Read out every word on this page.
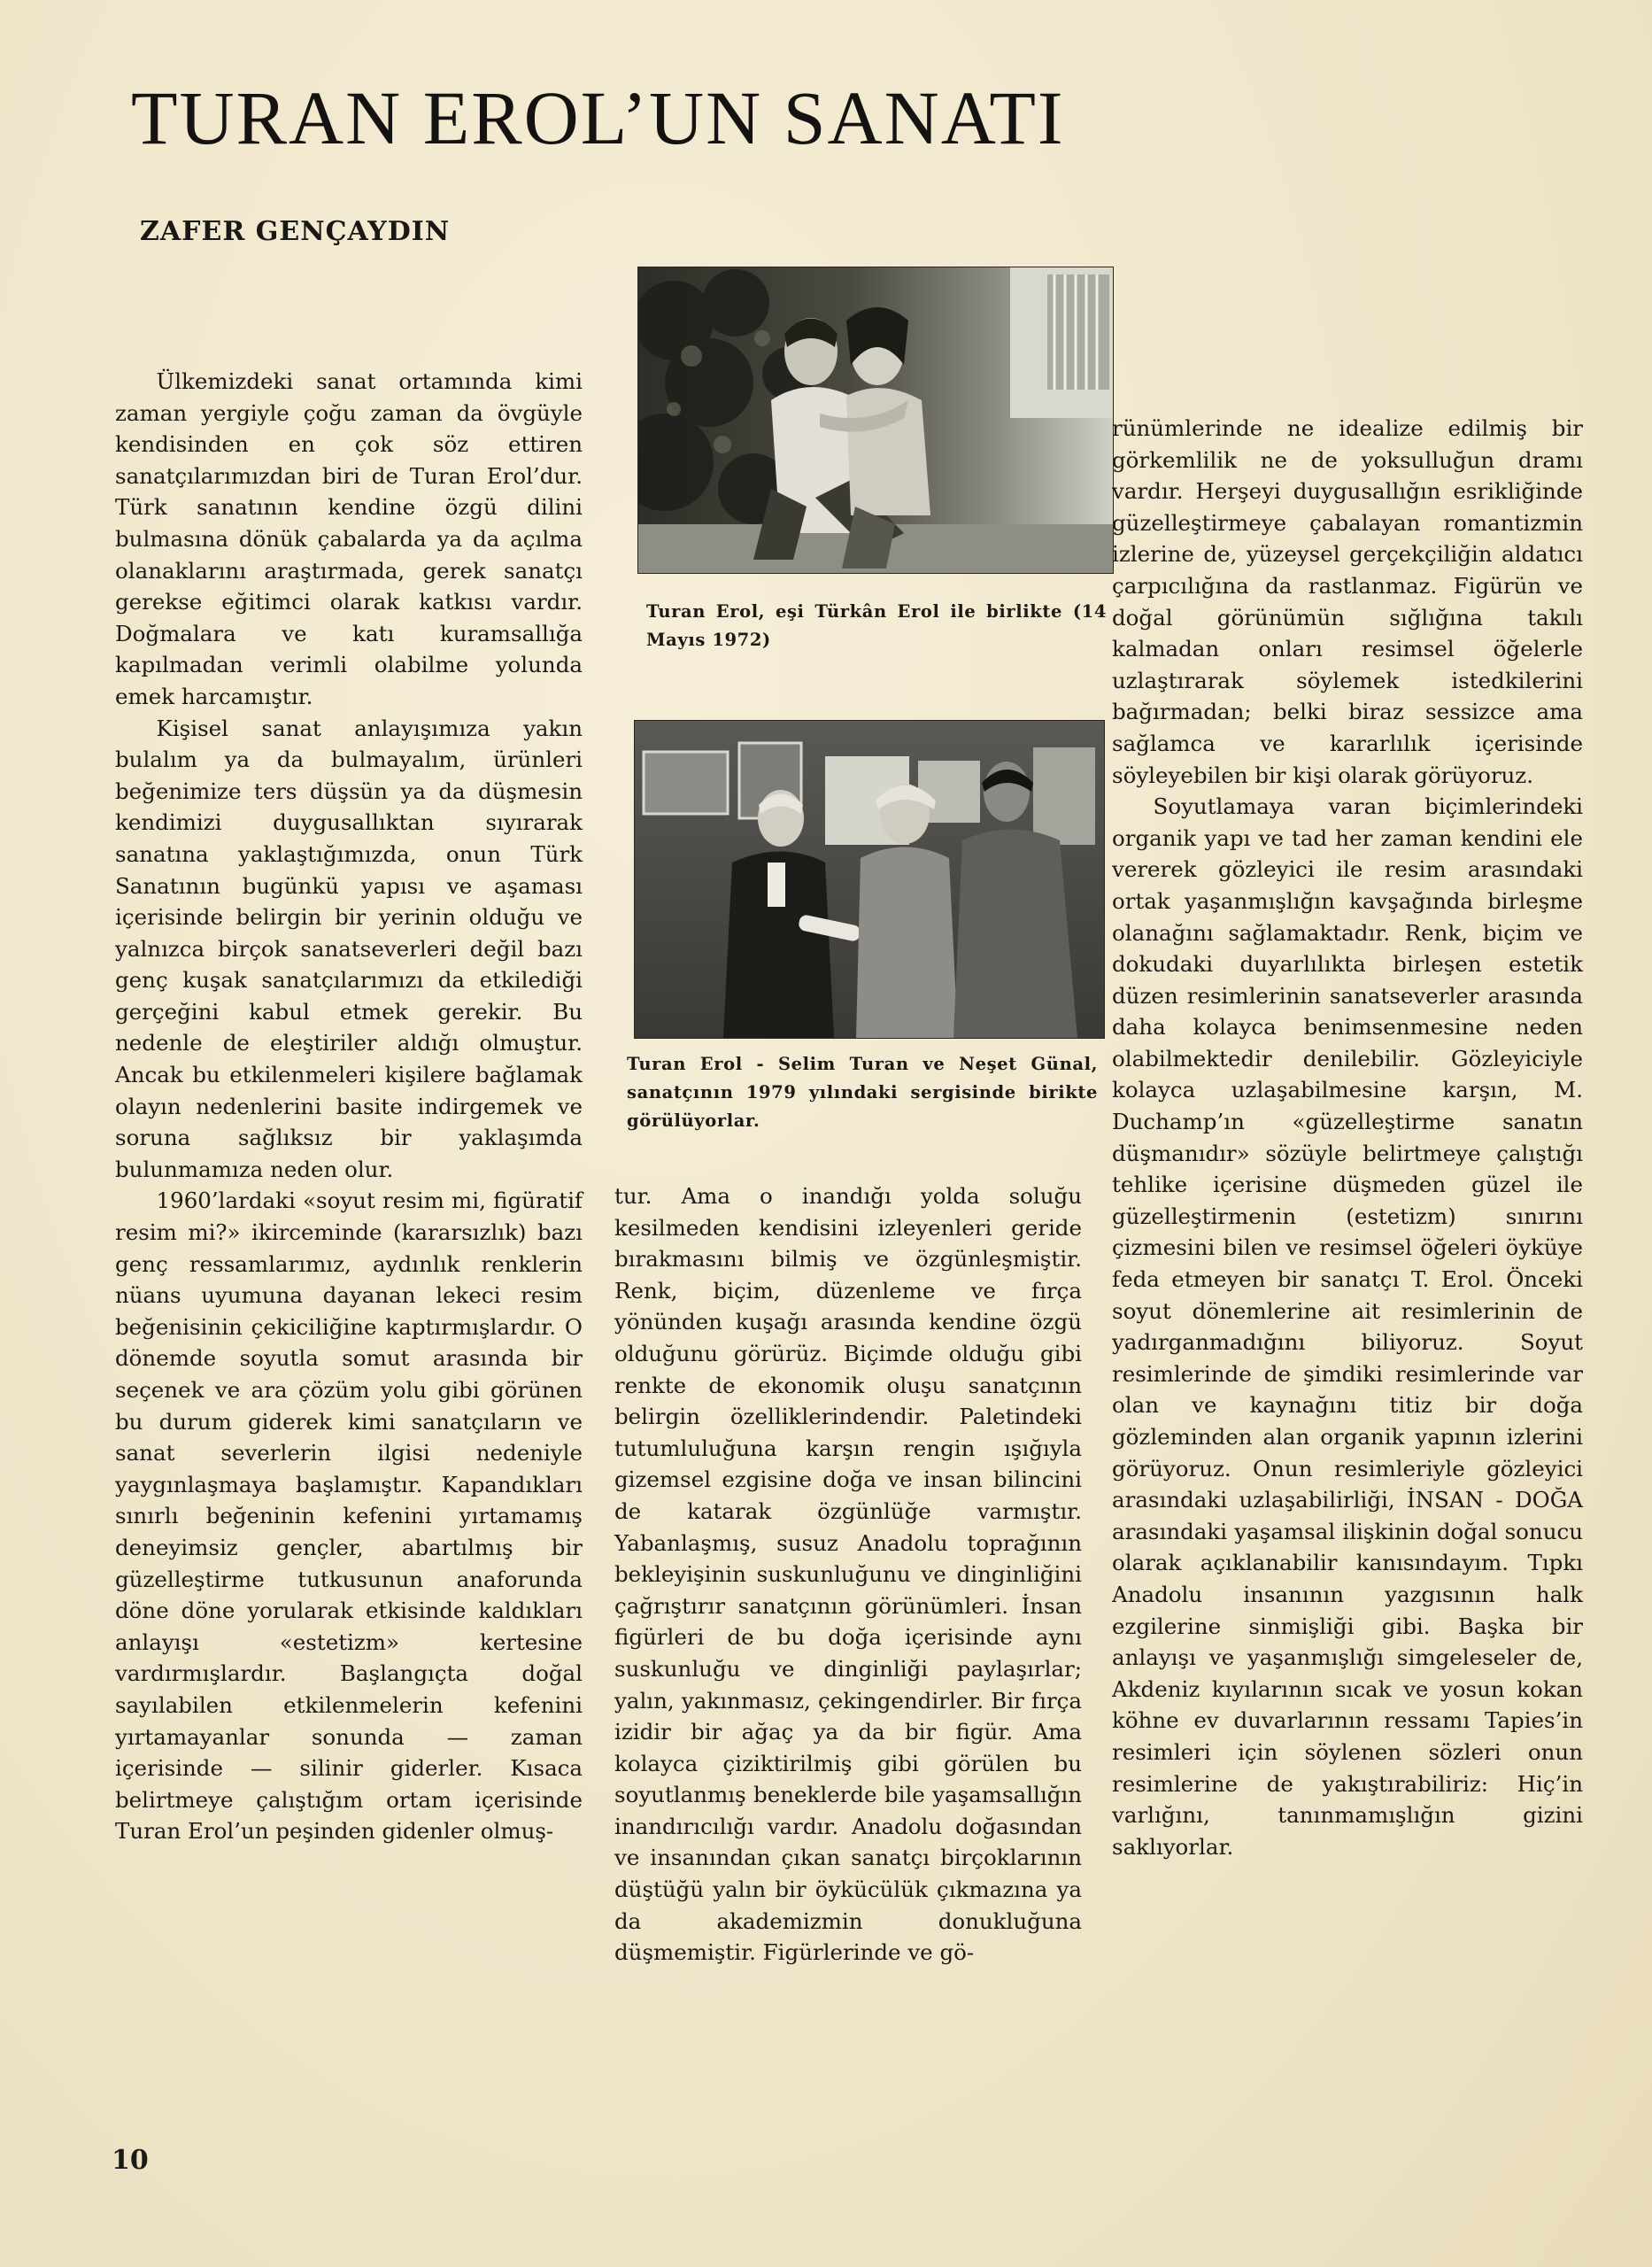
TURAN EROL’UN SANATI
ZAFER GENÇAYDIN

Ülkemizdeki sanat ortamında kimi zaman yergiyle çoğu zaman da övgüyle kendisinden en çok söz ettiren sanatçılarımızdan biri de Turan Erol’dur. Türk sanatının kendine özgü dilini bulmasına dönük çabalarda ya da açılma olanaklarını araştırmada, gerek sanatçı gerekse eğitimci olarak katkısı vardır. Doğmalara ve katı kuramsallığa kapılmadan verimli olabilme yolunda emek harcamıştır.

Kişisel sanat anlayışımıza yakın bulalım ya da bulmayalım, ürünleri beğenimize ters düşsün ya da düşmesin kendimizi duygusallıktan sıyırarak sanatına yaklaştığımızda, onun Türk Sanatının bugünkü yapısı ve aşaması içerisinde belirgin bir yerinin olduğu ve yalnızca birçok sanatseverleri değil bazı genç kuşak sanatçılarımızı da etkilediği gerçeğini kabul etmek gerekir. Bu nedenle de eleştiriler aldığı olmuştur. Ancak bu etkilenmeleri kişilere bağlamak olayın nedenlerini basite indirgemek ve soruna sağlıksız bir yaklaşımda bulunmamıza neden olur.

1960’lardaki «soyut resim mi, figüratif resim mi?» ikirceminde (kararsızlık) bazı genç ressamlarımız, aydınlık renklerin nüans uyumuna dayanan lekeci resim beğenisinin çekiciliğine kaptırmışlardır. O dönemde soyutla somut arasında bir seçenek ve ara çözüm yolu gibi görünen bu durum giderek kimi sanatçıların ve sanat severlerin ilgisi nedeniyle yaygınlaşmaya başlamıştır. Kapandıkları sınırlı beğeninin kefenini yırtamamış deneyimsiz gençler, abartılmış bir güzelleştirme tutkusunun anaforunda döne döne yorularak etkisinde kaldıkları anlayışı «estetizm» kertesine vardırmışlardır. Başlangıçta doğal sayılabilen etkilenmelerin kefenini yırtamayanlar sonunda — zaman içerisinde — silinir giderler. Kısaca belirtmeye çalıştığım ortam içerisinde Turan Erol’un peşinden gidenler olmuş-

Turan Erol, eşi Türkân Erol ile birlikte (14 Mayıs 1972)

Turan Erol - Selim Turan ve Neşet Günal, sanatçının 1979 yılındaki sergisinde birikte görülüyorlar.

tur. Ama o inandığı yolda soluğu kesilmeden kendisini izleyenleri geride bırakmasını bilmiş ve özgünleşmiştir. Renk, biçim, düzenleme ve fırça yönünden kuşağı arasında kendine özgü olduğunu görürüz. Biçimde olduğu gibi renkte de ekonomik oluşu sanatçının belirgin özelliklerindendir. Paletindeki tutumluluğuna karşın rengin ışığıyla gizemsel ezgisine doğa ve insan bilincini de katarak özgünlüğe varmıştır. Yabanlaşmış, susuz Anadolu toprağının bekleyişinin suskunluğunu ve dinginliğini çağrıştırır sanatçının görünümleri. İnsan figürleri de bu doğa içerisinde aynı suskunluğu ve dinginliği paylaşırlar; yalın, yakınmasız, çekingendirler. Bir fırça izidir bir ağaç ya da bir figür. Ama kolayca çiziktirilmiş gibi görülen bu soyutlanmış beneklerde bile yaşamsallığın inandırıcılığı vardır. Anadolu doğasından ve insanından çıkan sanatçı birçoklarının düştüğü yalın bir öykücülük çıkmazına ya da akademizmin donukluğuna düşmemiştir. Figürlerinde ve gö-

rünümlerinde ne idealize edilmiş bir görkemlilik ne de yoksulluğun dramı vardır. Herşeyi duygusallığın esrikliğinde güzelleştirmeye çabalayan romantizmin izlerine de, yüzeysel gerçekçiliğin aldatıcı çarpıcılığına da rastlanmaz. Figürün ve doğal görünümün sığlığına takılı kalmadan onları resimsel öğelerle uzlaştırarak söylemek istedkilerini bağırmadan; belki biraz sessizce ama sağlamca ve kararlılık içerisinde söyleyebilen bir kişi olarak görüyoruz.

Soyutlamaya varan biçimlerindeki organik yapı ve tad her zaman kendini ele vererek gözleyici ile resim arasındaki ortak yaşanmışlığın kavşağında birleşme olanağını sağlamaktadır. Renk, biçim ve dokudaki duyarlılıkta birleşen estetik düzen resimlerinin sanatseverler arasında daha kolayca benimsenmesine neden olabilmektedir denilebilir. Gözleyiciyle kolayca uzlaşabilmesine karşın, M. Duchamp’ın «güzelleştirme sanatın düşmanıdır» sözüyle belirtmeye çalıştığı tehlike içerisine düşmeden güzel ile güzelleştirmenin (estetizm) sınırını çizmesini bilen ve resimsel öğeleri öyküye feda etmeyen bir sanatçı T. Erol. Önceki soyut dönemlerine ait resimlerinin de yadırganmadığını biliyoruz. Soyut resimlerinde de şimdiki resimlerinde var olan ve kaynağını titiz bir doğa gözleminden alan organik yapının izlerini görüyoruz. Onun resimleriyle gözleyici arasındaki uzlaşabilirliği, İNSAN - DOĞA arasındaki yaşamsal ilişkinin doğal sonucu olarak açıklanabilir kanısındayım. Tıpkı Anadolu insanının yazgısının halk ezgilerine sinmişliği gibi. Başka bir anlayışı ve yaşanmışlığı simgeleseler de, Akdeniz kıyılarının sıcak ve yosun kokan köhne ev duvarlarının ressamı Tapies’in resimleri için söylenen sözleri onun resimlerine de yakıştırabiliriz: Hiç’in varlığını, tanınmamışlığın gizini saklıyorlar.

10
